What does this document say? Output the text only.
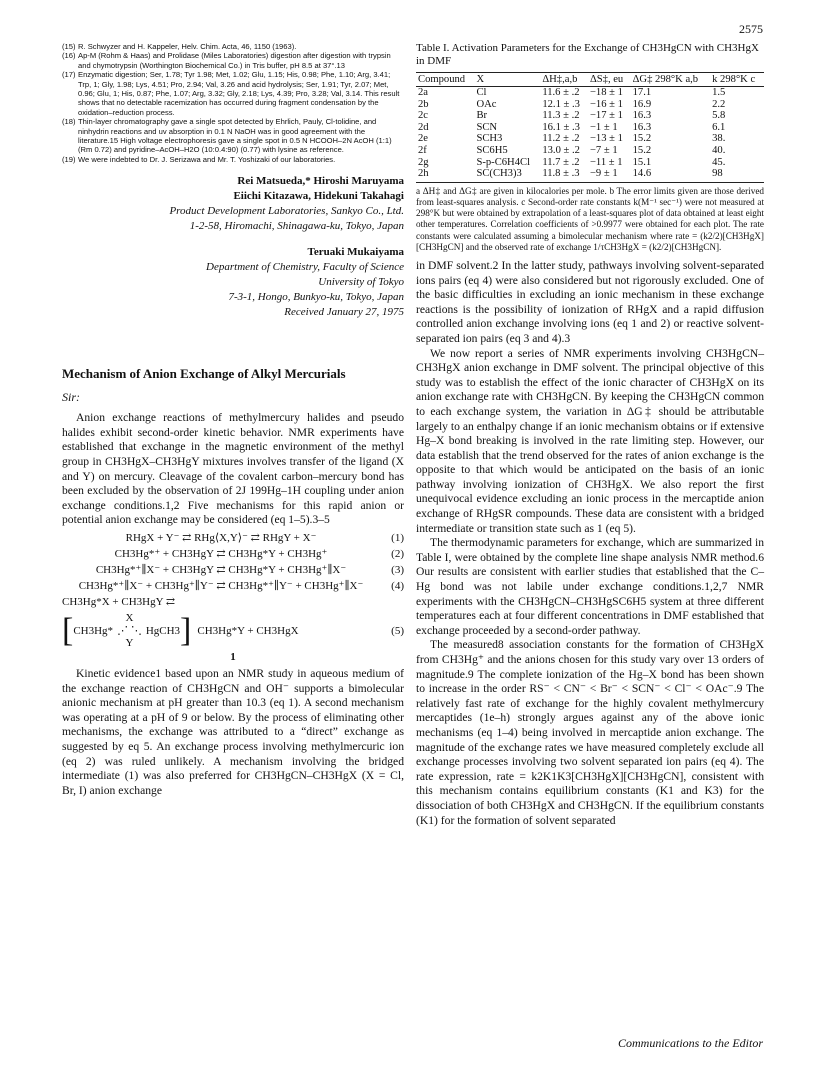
2575
(15) R. Schwyzer and H. Kappeler, Helv. Chim. Acta, 46, 1150 (1963).
(16) Ap-M (Rohm & Haas) and Prolidase (Miles Laboratories) digestion after digestion with trypsin and chymotrypsin (Worthington Biochemical Co.) in Tris buffer, pH 8.5 at 37°.13
(17) Enzymatic digestion; Ser, 1.78; Tyr 1.98; Met, 1.02; Glu, 1.15; His, 0.98; Phe, 1.10; Arg, 3.41; Trp, 1; Gly, 1.98; Lys, 4.51; Pro, 2.94; Val, 3.26 and acid hydrolysis; Ser, 1.91; Tyr, 2.07; Met, 0.96; Glu, 1; His, 0.87; Phe, 1.07; Arg, 3.32; Gly, 2.18; Lys, 4.39; Pro, 3.28; Val, 3.14. This result shows that no detectable racemization has occurred during fragment condensation by the oxidation–reduction process.
(18) Thin-layer chromatography gave a single spot detected by Ehrlich, Pauly, Cl-tolidine, and ninhydrin reactions and uv absorption in 0.1 N NaOH was in good agreement with the literature.15 High voltage electrophoresis gave a single spot in 0.5 N HCOOH–2N AcOH (1:1) (Rm 0.72) and pyridine–AcOH–H2O (10:0.4:90) (0.77) with lysine as reference.
(19) We were indebted to Dr. J. Serizawa and Mr. T. Yoshizaki of our laboratories.
Rei Matsueda,* Hiroshi Maruyama
Eiichi Kitazawa, Hidekuni Takahagi
Product Development Laboratories, Sankyo Co., Ltd.
1-2-58, Hiromachi, Shinagawa-ku, Tokyo, Japan
Teruaki Mukaiyama
Department of Chemistry, Faculty of Science
University of Tokyo
7-3-1, Hongo, Bunkyo-ku, Tokyo, Japan
Received January 27, 1975
Mechanism of Anion Exchange of Alkyl Mercurials
Sir:

Anion exchange reactions of methylmercury halides and pseudo halides exhibit second-order kinetic behavior. NMR experiments have established that exchange in the magnetic environment of the methyl group in CH3HgX–CH3HgY mixtures involves transfer of the ligand (X and Y) on mercury. Cleavage of the covalent carbon–mercury bond has been excluded by the observation of 2J 199Hg–1H coupling under anion exchange conditions.1,2 Five mechanisms for this rapid anion or potential anion exchange may be considered (eq 1–5).3–5

RHgX + Y⁻ ⇄ RHg⟨X,Y⟩⁻ ⇄ RHgY + X⁻	(1)
CH3Hg*⁺ + CH3HgY ⇄ CH3Hg*Y + CH3Hg⁺	(2)
CH3Hg*⁺∥X⁻ + CH3HgY ⇄ CH3Hg*Y + CH3Hg⁺∥X⁻	(3)
CH3Hg*⁺∥X⁻ + CH3Hg⁺∥Y⁻ ⇄ CH3Hg*⁺∥Y⁻ + CH3Hg⁺∥X⁻	(4)
CH3Hg*X + CH3HgY ⇄
[ CH3Hg*
X
⋰ ⋱
Y
HgCH3 ] CH3Hg*Y + CH3HgX	(5)
1

Kinetic evidence1 based upon an NMR study in aqueous medium of the exchange reaction of CH3HgCN and OH⁻ supports a bimolecular anionic mechanism at pH greater than 10.3 (eq 1). A second mechanism was operating at a pH of 9 or below. By the process of eliminating other mechanisms, the exchange was attributed to a “direct” exchange as suggested by eq 5. An exchange process involving methylmercuric ion (eq 2) was ruled unlikely. A mechanism involving the bridged intermediate (1) was also preferred for CH3HgCN–CH3HgX (X = Cl, Br, I) anion exchange

Table I. Activation Parameters for the Exchange of CH3HgCN with CH3HgX in DMF

Compound	X	ΔH‡,a,b	ΔS‡, eu	ΔG‡ 298°K a,b	k 298°K c
2a	Cl	11.6 ± .2	−18 ± 1	17.1	1.5
2b	OAc	12.1 ± .3	−16 ± 1	16.9	2.2
2c	Br	11.3 ± .2	−17 ± 1	16.3	5.8
2d	SCN	16.1 ± .3	−1 ± 1	16.3	6.1
2e	SCH3	11.2 ± .2	−13 ± 1	15.2	38.
2f	SC6H5	13.0 ± .2	−7 ± 1	15.2	40.
2g	S-p-C6H4Cl	11.7 ± .2	−11 ± 1	15.1	45.
2h	SC(CH3)3	11.8 ± .3	−9 ± 1	14.6	98

a ΔH‡ and ΔG‡ are given in kilocalories per mole. b The error limits given are those derived from least-squares analysis. c Second-order rate constants k(M⁻¹ sec⁻¹) were not measured at 298°K but were obtained by extrapolation of a least-squares plot of data obtained at least eight other temperatures. Correlation coefficients of >0.9977 were obtained for each plot. The rate constants were calculated assuming a bimolecular mechanism where rate = (k2/2)[CH3HgX][CH3HgCN] and the observed rate of exchange 1/τCH3HgX = (k2/2)[CH3HgCN].

in DMF solvent.2 In the latter study, pathways involving solvent-separated ions pairs (eq 4) were also considered but not rigorously excluded. One of the basic difficulties in excluding an ionic mechanism in these exchange reactions is the possibility of ionization of RHgX and a rapid diffusion controlled anion exchange involving ions (eq 1 and 2) or reactive solvent-separated ion pairs (eq 3 and 4).3

We now report a series of NMR experiments involving CH3HgCN–CH3HgX anion exchange in DMF solvent. The principal objective of this study was to establish the effect of the ionic character of CH3HgX on its anion exchange rate with CH3HgCN. By keeping the CH3HgCN common to each exchange system, the variation in ΔG‡ should be attributable largely to an enthalpy change if an ionic mechanism obtains or if extensive Hg–X bond breaking is involved in the rate limiting step. However, our data establish that the trend observed for the rates of anion exchange is the opposite to that which would be anticipated on the basis of an ionic pathway involving ionization of CH3HgX. We also report the first unequivocal evidence excluding an ionic process in the mercaptide anion exchange of RHgSR compounds. These data are consistent with a bridged intermediate or transition state such as 1 (eq 5).

The thermodynamic parameters for exchange, which are summarized in Table I, were obtained by the complete line shape analysis NMR method.6 Our results are consistent with earlier studies that established that the C–Hg bond was not labile under exchange conditions.1,2,7 NMR experiments with the CH3HgCN–CH3HgSC6H5 system at three different temperatures each at four different concentrations in DMF established that exchange proceeded by a second-order pathway.

The measured8 association constants for the formation of CH3HgX from CH3Hg⁺ and the anions chosen for this study vary over 13 orders of magnitude.9 The complete ionization of the Hg–X bond has been shown to increase in the order RS⁻ < CN⁻ < Br⁻ < SCN⁻ < Cl⁻ < OAc⁻.9 The relatively fast rate of exchange for the highly covalent methylmercury mercaptides (1e–h) strongly argues against any of the above ionic mechanisms (eq 1–4) being involved in mercaptide anion exchange. The magnitude of the exchange rates we have measured completely exclude all exchange processes involving two solvent separated ion pairs (eq 4). The rate expression, rate = k2K1K3[CH3HgX][CH3HgCN], consistent with this mechanism contains equilibrium constants (K1 and K3) for the dissociation of both CH3HgX and CH3HgCN. If the equilibrium constants (K1) for the formation of solvent separated

Communications to the Editor
